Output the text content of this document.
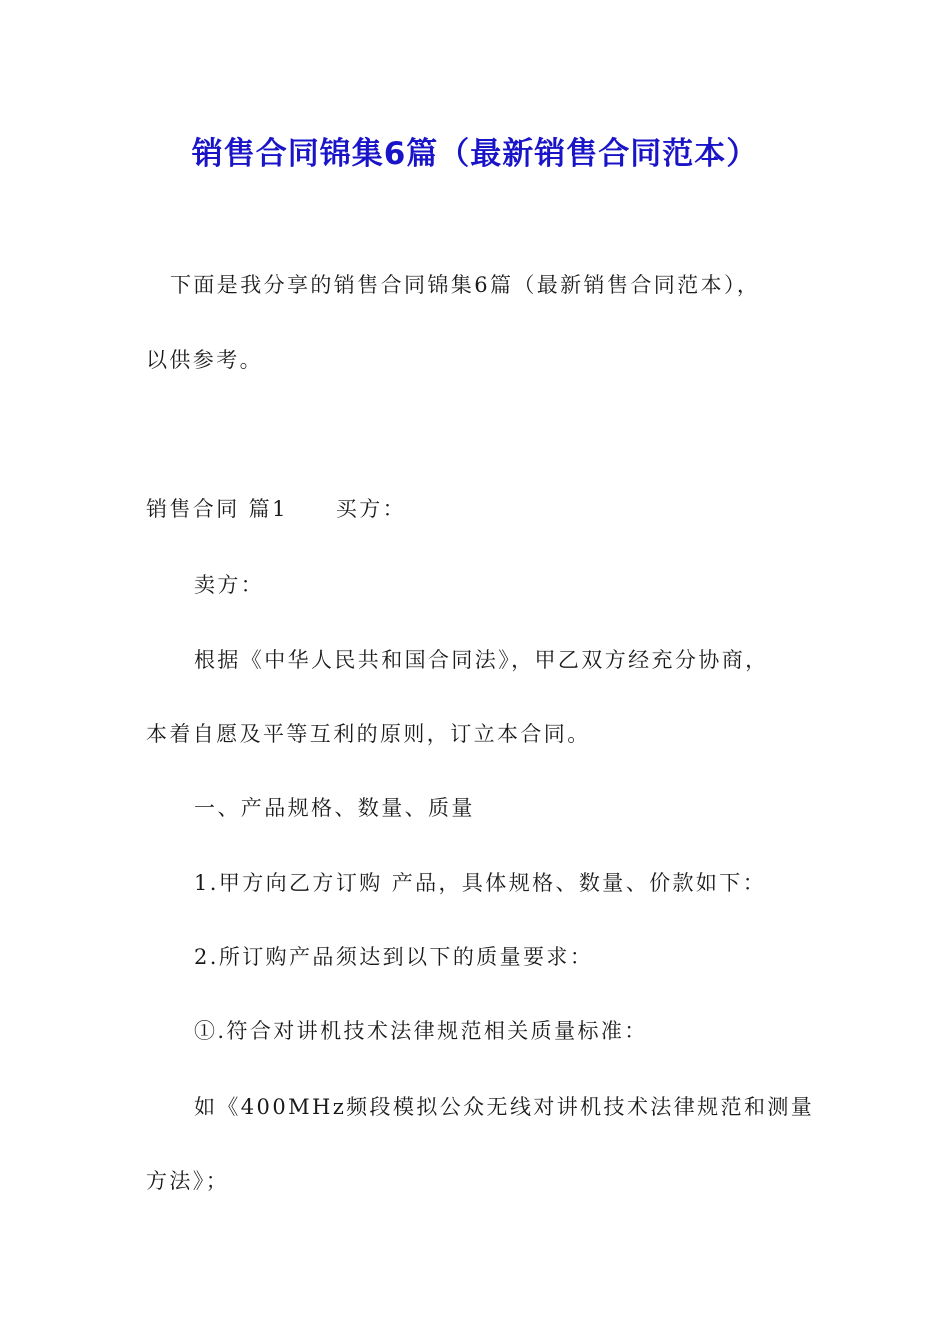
销售合同锦集6篇（最新销售合同范本）
下面是我分享的销售合同锦集6篇（最新销售合同范本），
以供参考。
销售合同 篇1 买方：
卖方：
根据《中华人民共和国合同法》，甲乙双方经充分协商，
本着自愿及平等互利的原则，订立本合同。
一、产品规格、数量、质量
1.甲方向乙方订购 产品，具体规格、数量、价款如下：
2.所订购产品须达到以下的质量要求：
①.符合对讲机技术法律规范相关质量标准：
如《400MHz频段模拟公众无线对讲机技术法律规范和测量
方法》；
